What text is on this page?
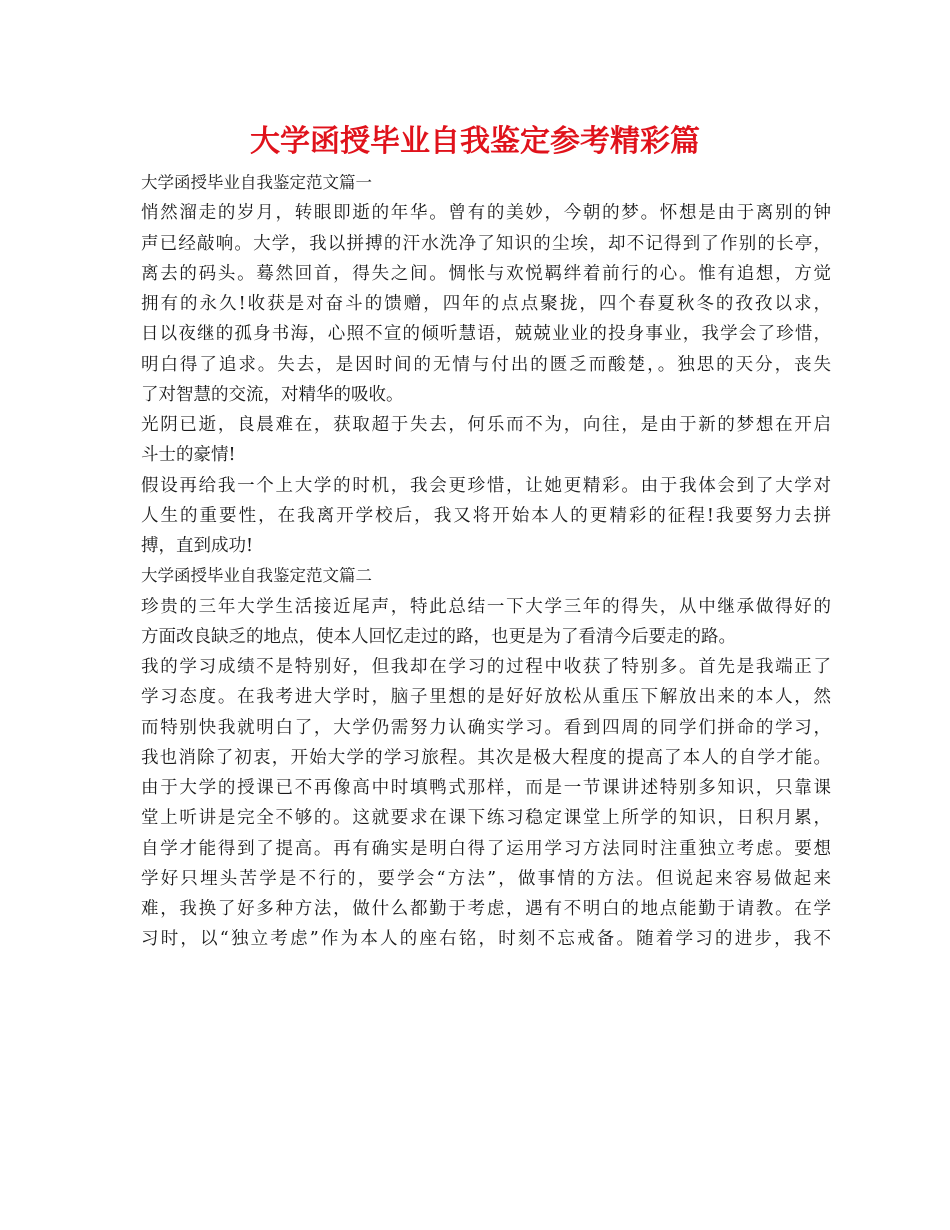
大学函授毕业自我鉴定参考精彩篇
大学函授毕业自我鉴定范文篇一
悄然溜走的岁月，转眼即逝的年华。曾有的美妙，今朝的梦。怀想是由于离别的钟
声已经敲响。大学，我以拼搏的汗水洗净了知识的尘埃，却不记得到了作别的长亭，
离去的码头。蓦然回首，得失之间。惆怅与欢悦羁绊着前行的心。惟有追想，方觉
拥有的永久!收获是对奋斗的馈赠，四年的点点聚拢，四个春夏秋冬的孜孜以求，
日以夜继的孤身书海，心照不宣的倾听慧语，兢兢业业的投身事业，我学会了珍惜，
明白得了追求。失去，是因时间的无情与付出的匮乏而酸楚，。独思的天分，丧失
了对智慧的交流，对精华的吸收。
光阴已逝，良晨难在，获取超于失去，何乐而不为，向往，是由于新的梦想在开启
斗士的豪情!
假设再给我一个上大学的时机，我会更珍惜，让她更精彩。由于我体会到了大学对
人生的重要性，在我离开学校后，我又将开始本人的更精彩的征程!我要努力去拼
搏，直到成功!
大学函授毕业自我鉴定范文篇二
珍贵的三年大学生活接近尾声，特此总结一下大学三年的得失，从中继承做得好的
方面改良缺乏的地点，使本人回忆走过的路，也更是为了看清今后要走的路。
我的学习成绩不是特别好，但我却在学习的过程中收获了特别多。首先是我端正了
学习态度。在我考进大学时，脑子里想的是好好放松从重压下解放出来的本人，然
而特别快我就明白了，大学仍需努力认确实学习。看到四周的同学们拼命的学习，
我也消除了初衷，开始大学的学习旅程。其次是极大程度的提高了本人的自学才能。
由于大学的授课已不再像高中时填鸭式那样，而是一节课讲述特别多知识，只靠课
堂上听讲是完全不够的。这就要求在课下练习稳定课堂上所学的知识，日积月累，
自学才能得到了提高。再有确实是明白得了运用学习方法同时注重独立考虑。要想
学好只埋头苦学是不行的，要学会“方法”，做事情的方法。但说起来容易做起来
难，我换了好多种方法，做什么都勤于考虑，遇有不明白的地点能勤于请教。在学
习时，以“独立考虑”作为本人的座右铭，时刻不忘戒备。随着学习的进步，我不
